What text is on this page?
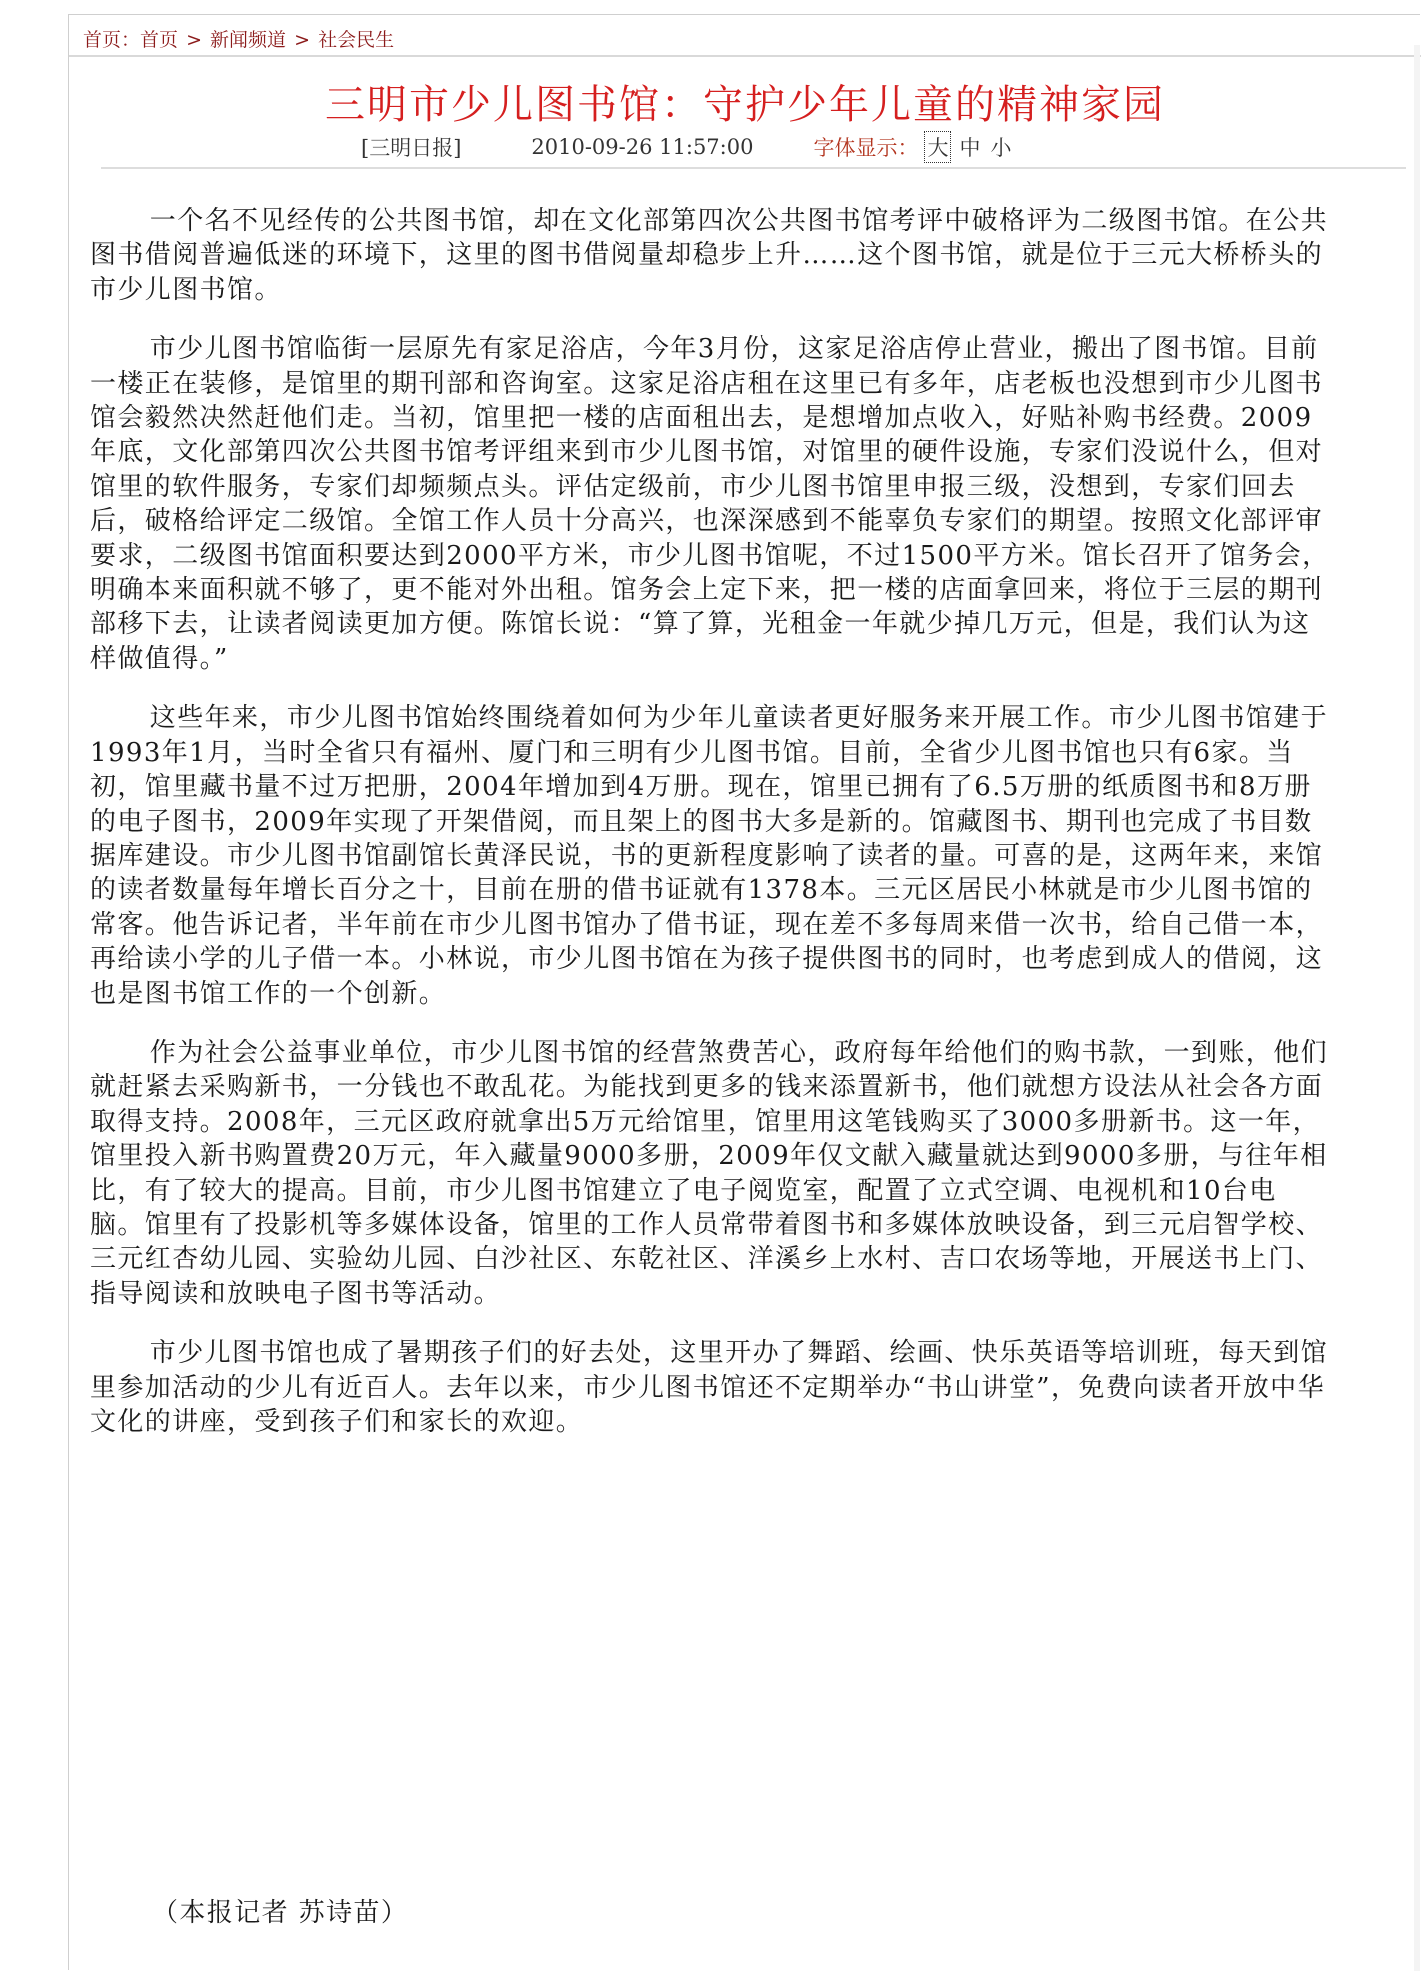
首页：首页 > 新闻频道 > 社会民生
三明市少儿图书馆：守护少年儿童的精神家园
[三明日报]	2010-09-26 11:57:00	字体显示： 大 中 小

一个名不见经传的公共图书馆，却在文化部第四次公共图书馆考评中破格评为二级图书馆。在公共图书借阅普遍低迷的环境下，这里的图书借阅量却稳步上升……这个图书馆，就是位于三元大桥桥头的市少儿图书馆。

市少儿图书馆临街一层原先有家足浴店，今年3月份，这家足浴店停止营业，搬出了图书馆。目前一楼正在装修，是馆里的期刊部和咨询室。这家足浴店租在这里已有多年，店老板也没想到市少儿图书馆会毅然决然赶他们走。当初，馆里把一楼的店面租出去，是想增加点收入，好贴补购书经费。2009年底，文化部第四次公共图书馆考评组来到市少儿图书馆，对馆里的硬件设施，专家们没说什么，但对馆里的软件服务，专家们却频频点头。评估定级前，市少儿图书馆里申报三级，没想到，专家们回去后，破格给评定二级馆。全馆工作人员十分高兴，也深深感到不能辜负专家们的期望。按照文化部评审要求，二级图书馆面积要达到2000平方米，市少儿图书馆呢，不过1500平方米。馆长召开了馆务会，明确本来面积就不够了，更不能对外出租。馆务会上定下来，把一楼的店面拿回来，将位于三层的期刊部移下去，让读者阅读更加方便。陈馆长说：“算了算，光租金一年就少掉几万元，但是，我们认为这样做值得。”

这些年来，市少儿图书馆始终围绕着如何为少年儿童读者更好服务来开展工作。市少儿图书馆建于1993年1月，当时全省只有福州、厦门和三明有少儿图书馆。目前，全省少儿图书馆也只有6家。当初，馆里藏书量不过万把册，2004年增加到4万册。现在，馆里已拥有了6.5万册的纸质图书和8万册的电子图书，2009年实现了开架借阅，而且架上的图书大多是新的。馆藏图书、期刊也完成了书目数据库建设。市少儿图书馆副馆长黄泽民说，书的更新程度影响了读者的量。可喜的是，这两年来，来馆的读者数量每年增长百分之十，目前在册的借书证就有1378本。三元区居民小林就是市少儿图书馆的常客。他告诉记者，半年前在市少儿图书馆办了借书证，现在差不多每周来借一次书，给自己借一本，再给读小学的儿子借一本。小林说，市少儿图书馆在为孩子提供图书的同时，也考虑到成人的借阅，这也是图书馆工作的一个创新。

作为社会公益事业单位，市少儿图书馆的经营煞费苦心，政府每年给他们的购书款，一到账，他们就赶紧去采购新书，一分钱也不敢乱花。为能找到更多的钱来添置新书，他们就想方设法从社会各方面取得支持。2008年，三元区政府就拿出5万元给馆里，馆里用这笔钱购买了3000多册新书。这一年，馆里投入新书购置费20万元，年入藏量9000多册，2009年仅文献入藏量就达到9000多册，与往年相比，有了较大的提高。目前，市少儿图书馆建立了电子阅览室，配置了立式空调、电视机和10台电脑。馆里有了投影机等多媒体设备，馆里的工作人员常带着图书和多媒体放映设备，到三元启智学校、三元红杏幼儿园、实验幼儿园、白沙社区、东乾社区、洋溪乡上水村、吉口农场等地，开展送书上门、指导阅读和放映电子图书等活动。

市少儿图书馆也成了暑期孩子们的好去处，这里开办了舞蹈、绘画、快乐英语等培训班，每天到馆里参加活动的少儿有近百人。去年以来，市少儿图书馆还不定期举办“书山讲堂”，免费向读者开放中华文化的讲座，受到孩子们和家长的欢迎。

（本报记者 苏诗苗）
